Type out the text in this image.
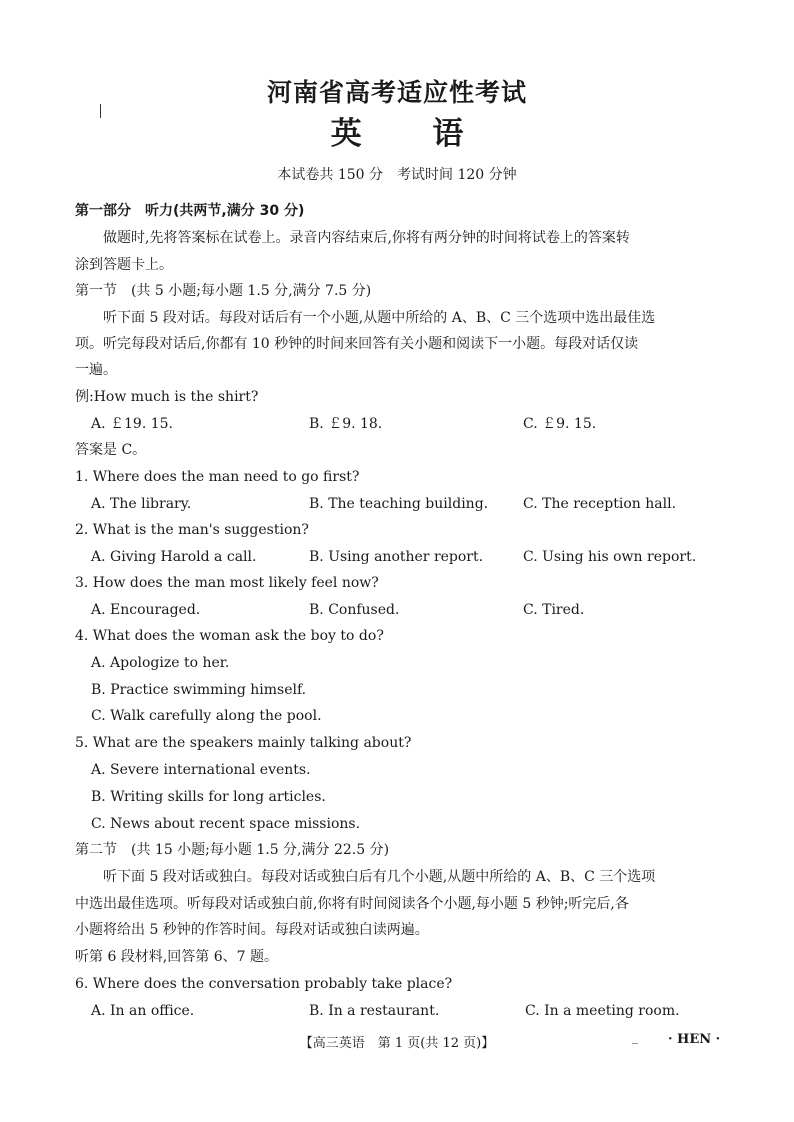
河南省高考适应性考试
英 语
本试卷共 150 分　考试时间 120 分钟
第一部分　听力(共两节,满分 30 分)
做题时,先将答案标在试卷上。录音内容结束后,你将有两分钟的时间将试卷上的答案转
涂到答题卡上。
第一节　(共 5 小题;每小题 1.5 分,满分 7.5 分)
听下面 5 段对话。每段对话后有一个小题,从题中所给的 A、B、C 三个选项中选出最佳选
项。听完每段对话后,你都有 10 秒钟的时间来回答有关小题和阅读下一小题。每段对话仅读
一遍。
例:How much is the shirt?
A. ￡19. 15.	B. ￡9. 18.	C. ￡9. 15.
答案是 C。
1. Where does the man need to go first?
A. The library.	B. The teaching building. C. The reception hall.
2. What is the man's suggestion?
A. Giving Harold a call.	B. Using another report.	C. Using his own report.
3. How does the man most likely feel now?
A. Encouraged.	B. Confused.	C. Tired.
4. What does the woman ask the boy to do?
A. Apologize to her.
B. Practice swimming himself.
C. Walk carefully along the pool.
5. What are the speakers mainly talking about?
A. Severe international events.
B. Writing skills for long articles.
C. News about recent space missions.
第二节　(共 15 小题;每小题 1.5 分,满分 22.5 分)
听下面 5 段对话或独白。每段对话或独白后有几个小题,从题中所给的 A、B、C 三个选项
中选出最佳选项。听每段对话或独白前,你将有时间阅读各个小题,每小题 5 秒钟;听完后,各
小题将给出 5 秒钟的作答时间。每段对话或独白读两遍。
听第 6 段材料,回答第 6、7 题。
6. Where does the conversation probably take place?
A. In an office.	B. In a restaurant.	C. In a meeting room.
【高三英语　第 1 页(共 12 页)】	· HEN ·
